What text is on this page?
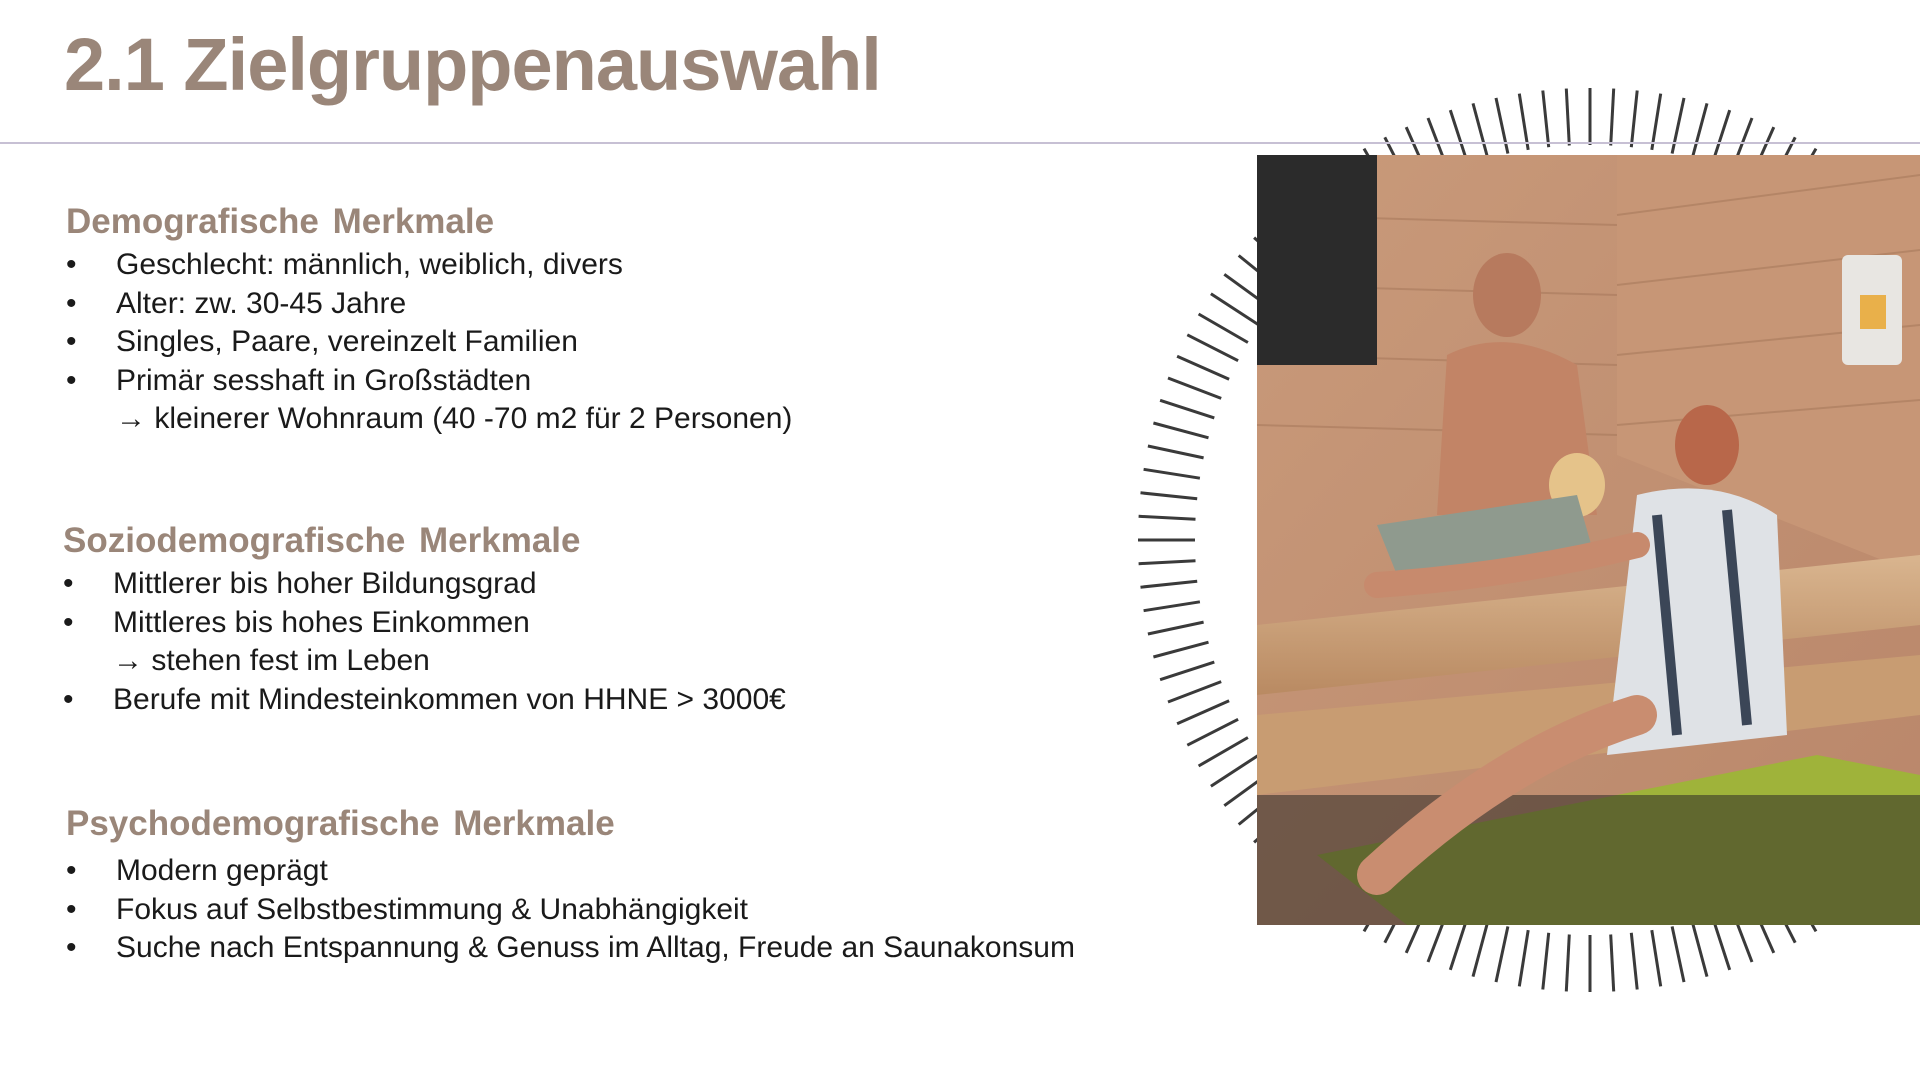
2.1 Zielgruppenauswahl
Demografische Merkmale
• Geschlecht: männlich, weiblich, divers
• Alter: zw. 30-45 Jahre
• Singles, Paare, vereinzelt Familien
• Primär sesshaft in Großstädten
→ kleinerer Wohnraum (40 -70 m2 für 2 Personen)
Soziodemografische Merkmale
• Mittlerer bis hoher Bildungsgrad
• Mittleres bis hohes Einkommen
→ stehen fest im Leben
• Berufe mit Mindesteinkommen von HHNE > 3000€
Psychodemografische Merkmale
• Modern geprägt
• Fokus auf Selbstbestimmung & Unabhängigkeit
• Suche nach Entspannung & Genuss im Alltag, Freude an Saunakonsum
